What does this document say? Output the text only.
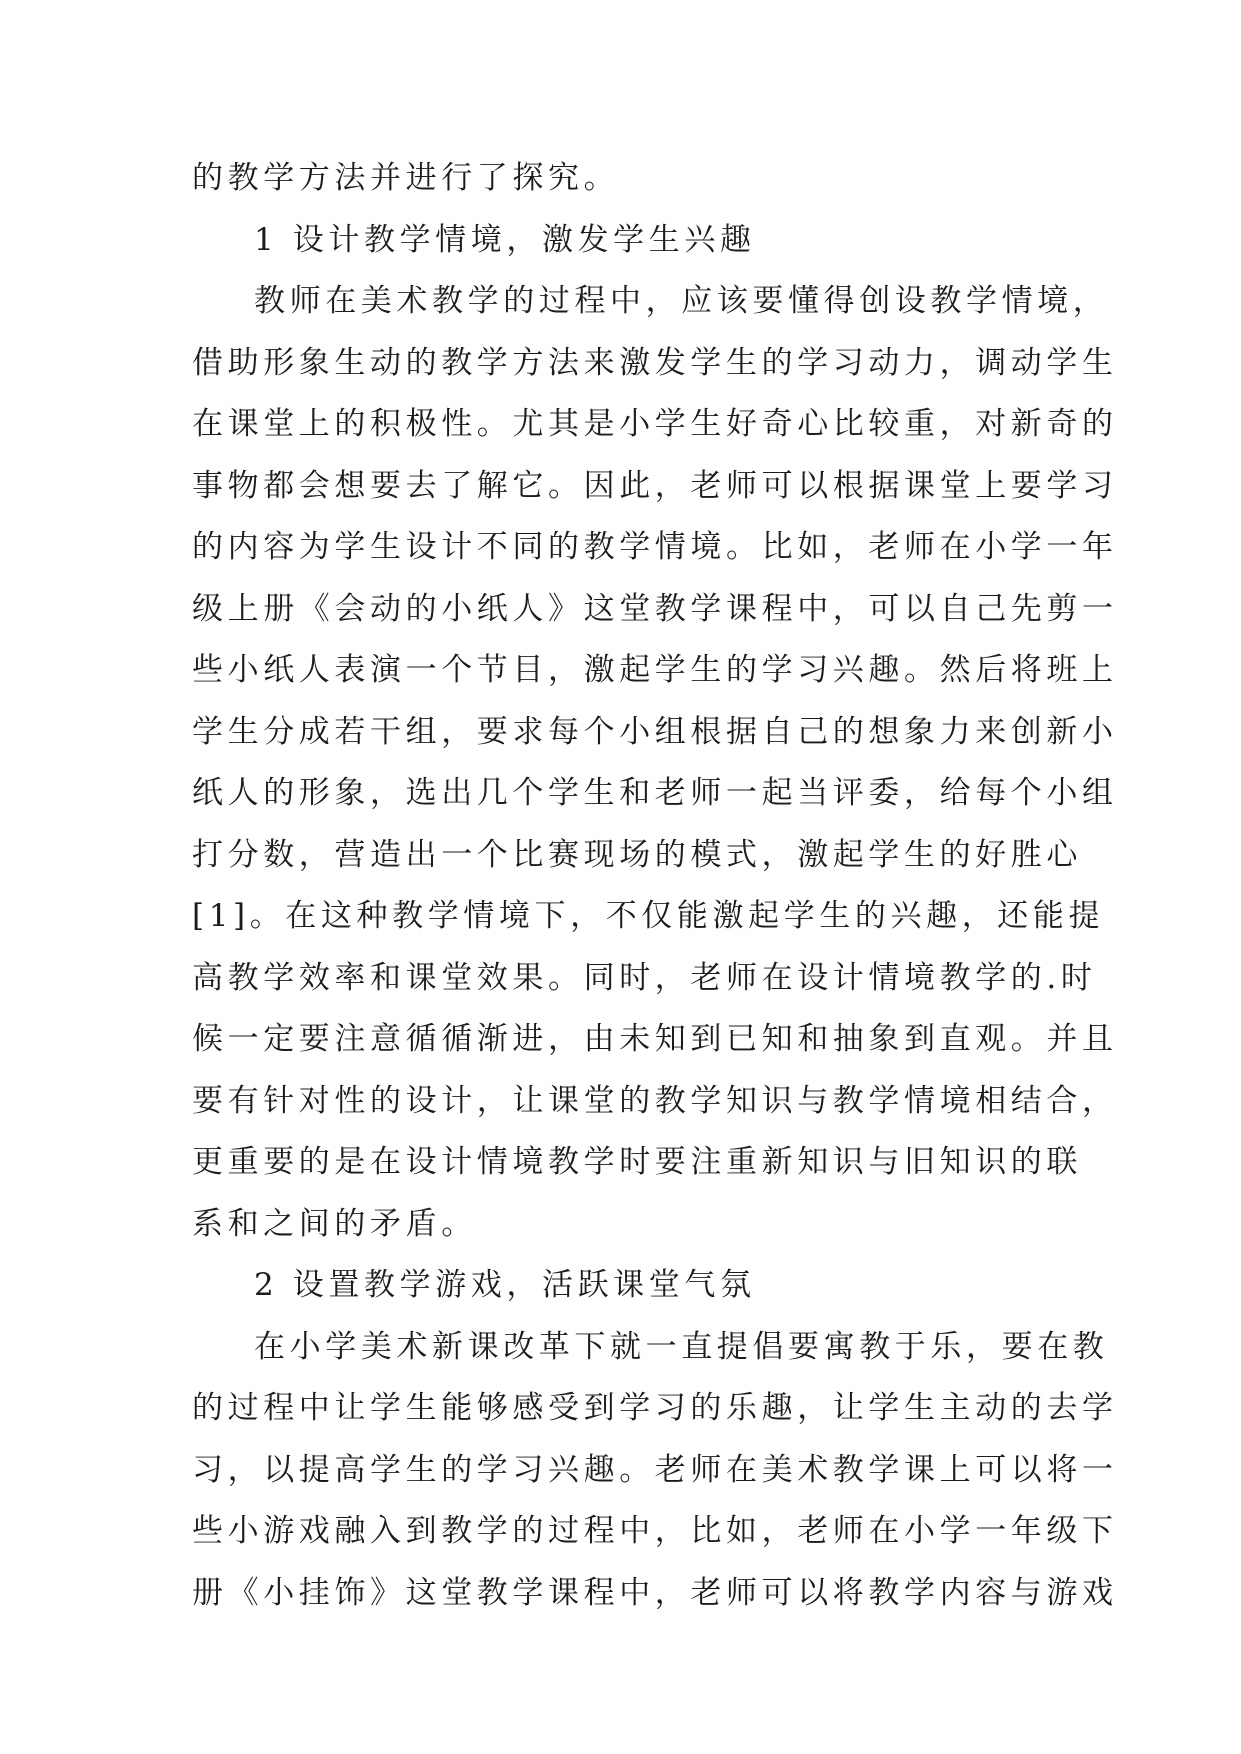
的教学方法并进行了探究。
1 设计教学情境，激发学生兴趣
教师在美术教学的过程中，应该要懂得创设教学情境，
借助形象生动的教学方法来激发学生的学习动力，调动学生
在课堂上的积极性。尤其是小学生好奇心比较重，对新奇的
事物都会想要去了解它。因此，老师可以根据课堂上要学习
的内容为学生设计不同的教学情境。比如，老师在小学一年
级上册《会动的小纸人》这堂教学课程中，可以自己先剪一
些小纸人表演一个节目，激起学生的学习兴趣。然后将班上
学生分成若干组，要求每个小组根据自己的想象力来创新小
纸人的形象，选出几个学生和老师一起当评委，给每个小组
打分数，营造出一个比赛现场的模式，激起学生的好胜心
[1]。在这种教学情境下，不仅能激起学生的兴趣，还能提
高教学效率和课堂效果。同时，老师在设计情境教学的.时
候一定要注意循循渐进，由未知到已知和抽象到直观。并且
要有针对性的设计，让课堂的教学知识与教学情境相结合，
更重要的是在设计情境教学时要注重新知识与旧知识的联
系和之间的矛盾。
2 设置教学游戏，活跃课堂气氛
在小学美术新课改革下就一直提倡要寓教于乐，要在教
的过程中让学生能够感受到学习的乐趣，让学生主动的去学
习，以提高学生的学习兴趣。老师在美术教学课上可以将一
些小游戏融入到教学的过程中，比如，老师在小学一年级下
册《小挂饰》这堂教学课程中，老师可以将教学内容与游戏
